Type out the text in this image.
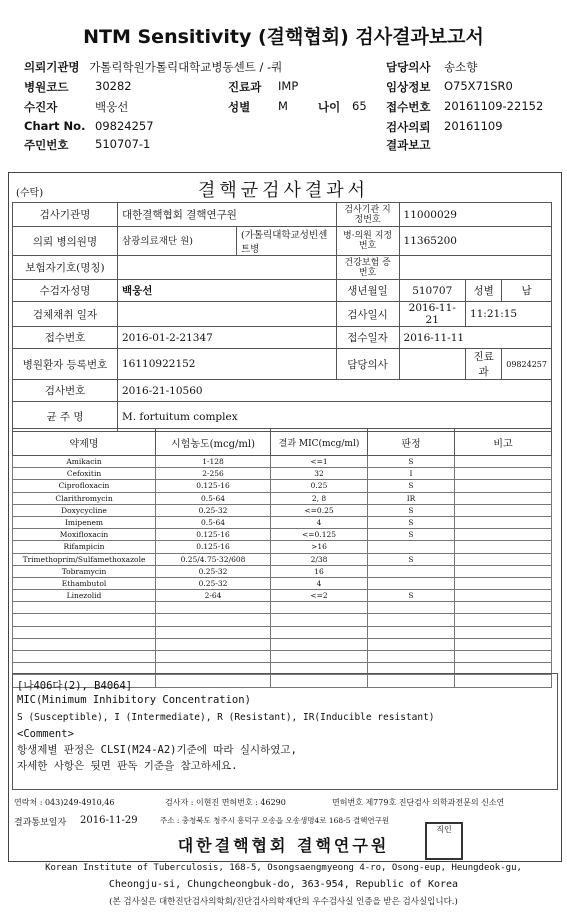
NTM Sensitivity (결핵협회) 검사결과보고서
의뢰기관명 가톨릭학원가톨릭대학교병동센트 / -쿼
병원코드 30282
수진자	백웅선
Chart No. 09824257
주민번호 510707-1
진료과 IMP
성별 M	나이 65
담당의사 송소향
임상정보 O75X71SR0
접수번호 20161109-22152
검사의뢰 20161109
결과보고
(수탁)	결핵균검사결과서
검사기관명	대한결핵협회 결핵연구원		검사기관 지정번호	11000029		
의뢰 병의원명	삼광의료재단 원)	(가톨릭대학교성빈센트병	병·의원 지정번호	11365200		
보험자기호(명칭)			건강보험 증번호			
수검자성명	백웅선		생년월일	510707	성별	남
검체채취 일자			검사일시	2016-11-21	11:21:15	
접수번호	2016-01-2-21347		접수일자	2016-11-11		
병원환자 등록번호	16110922152		담당의사		진료과	09824257
검사번호	2016-21-10560					
균 주 명	M. fortuitum complex					
약제명	시험농도(mcg/ml)	결과 MIC(mcg/ml)	판정	비고
Amikacin	1-128	<=1	S	
Cefoxitin	2-256	32	I	
Ciprofloxacin	0.125-16	0.25	S	
Clarithromycin	0.5-64	2, 8	IR	
Doxycycline	0.25-32	<=0.25	S	
Imipenem	0.5-64	4	S	
Moxifloxacin	0.125-16	<=0.125	S	
Rifampicin	0.125-16	>16		
Trimethoprim/Sulfamethoxazole	0.25/4.75-32/608	2/38	S	
Tobramycin	0.25-32	16		
Ethambutol	0.25-32	4		
Linezolid	2-64	<=2	S	

[나406다(2), B4064]
MIC(Minimum Inhibitory Concentration)
S (Susceptible), I (Intermediate), R (Resistant), IR(Inducible resistant)
<Comment>
항생제별 판정은 CLSI(M24-A2)기준에 따라 실시하였고,
자세한 사항은 뒷면 판독 기준을 참고하세요.
연락처 : 043)249-4910,46	검사자 : 이현진 면허번호 : 46290	면허번호 제779호 진단검사 의학과전문의 신소연
결과통보일자 2016-11-29	주소 : 충청북도 청주시 흥덕구 오송읍 오송생명4로 168-5 결핵연구원
대한결핵협회 결핵연구원
직인
Korean Institute of Tuberculosis, 168-5, Osongsaengmyeong 4-ro, Osong-eup, Heungdeok-gu,
Cheongju-si, Chungcheongbuk-do, 363-954, Republic of Korea
(본 검사실은 대한진단검사의학회/진단검사의학재단의 우수검사실 인증을 받은 검사실입니다.)
